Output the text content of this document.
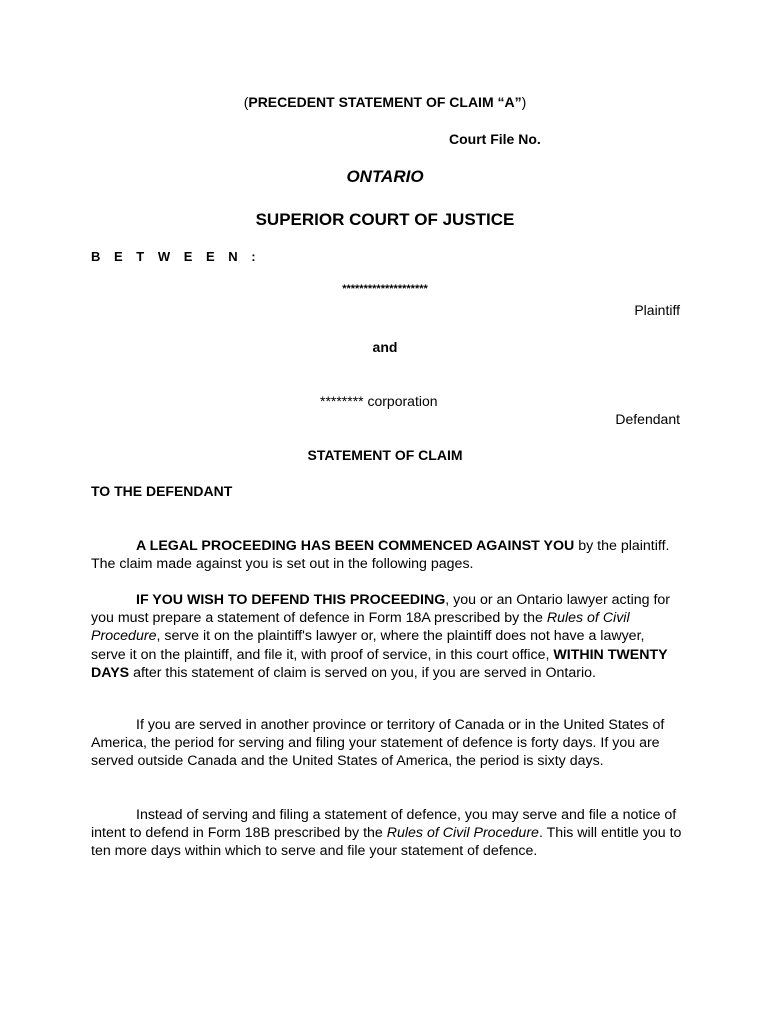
(PRECEDENT STATEMENT OF CLAIM “A”)
Court File No.
ONTARIO
SUPERIOR COURT OF JUSTICE
B E T W E E N :
********************
Plaintiff
and
******** corporation
Defendant
STATEMENT OF CLAIM
TO THE DEFENDANT

A LEGAL PROCEEDING HAS BEEN COMMENCED AGAINST YOU by the plaintiff. The claim made against you is set out in the following pages.

IF YOU WISH TO DEFEND THIS PROCEEDING, you or an Ontario lawyer acting for you must prepare a statement of defence in Form 18A prescribed by the Rules of Civil Procedure, serve it on the plaintiff's lawyer or, where the plaintiff does not have a lawyer, serve it on the plaintiff, and file it, with proof of service, in this court office, WITHIN TWENTY DAYS after this statement of claim is served on you, if you are served in Ontario.

If you are served in another province or territory of Canada or in the United States of America, the period for serving and filing your statement of defence is forty days. If you are served outside Canada and the United States of America, the period is sixty days.

Instead of serving and filing a statement of defence, you may serve and file a notice of intent to defend in Form 18B prescribed by the Rules of Civil Procedure. This will entitle you to ten more days within which to serve and file your statement of defence.
